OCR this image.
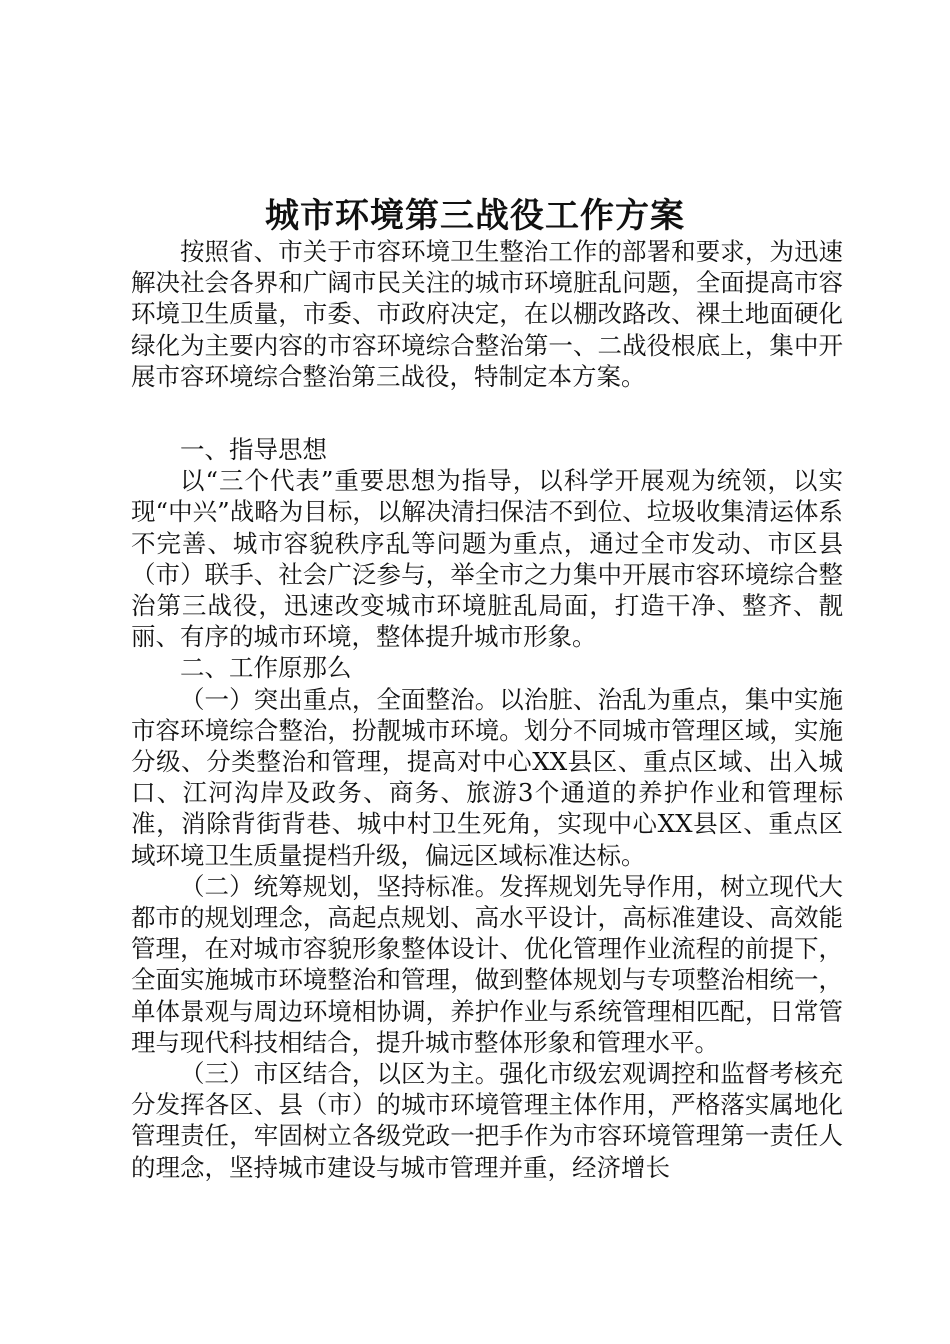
城市环境第三战役工作方案

按照省、市关于市容环境卫生整治工作的部署和要求，为迅速解决社会各界和广阔市民关注的城市环境脏乱问题，全面提高市容环境卫生质量，市委、市政府决定，在以棚改路改、裸土地面硬化绿化为主要内容的市容环境综合整治第一、二战役根底上，集中开展市容环境综合整治第三战役，特制定本方案。

一、指导思想

以“三个代表”重要思想为指导，以科学开展观为统领，以实现“中兴”战略为目标，以解决清扫保洁不到位、垃圾收集清运体系不完善、城市容貌秩序乱等问题为重点，通过全市发动、市区县（市）联手、社会广泛参与，举全市之力集中开展市容环境综合整治第三战役，迅速改变城市环境脏乱局面，打造干净、整齐、靓丽、有序的城市环境，整体提升城市形象。

二、工作原那么

（一）突出重点，全面整治。以治脏、治乱为重点，集中实施市容环境综合整治，扮靓城市环境。划分不同城市管理区域，实施分级、分类整治和管理，提高对中心XX县区、重点区域、出入城口、江河沟岸及政务、商务、旅游3个通道的养护作业和管理标准，消除背街背巷、城中村卫生死角，实现中心XX县区、重点区域环境卫生质量提档升级，偏远区域标准达标。

（二）统筹规划，坚持标准。发挥规划先导作用，树立现代大都市的规划理念，高起点规划、高水平设计，高标准建设、高效能管理，在对城市容貌形象整体设计、优化管理作业流程的前提下，全面实施城市环境整治和管理，做到整体规划与专项整治相统一，单体景观与周边环境相协调，养护作业与系统管理相匹配，日常管理与现代科技相结合，提升城市整体形象和管理水平。

（三）市区结合，以区为主。强化市级宏观调控和监督考核充分发挥各区、县（市）的城市环境管理主体作用，严格落实属地化管理责任，牢固树立各级党政一把手作为市容环境管理第一责任人的理念，坚持城市建设与城市管理并重，经济增长
